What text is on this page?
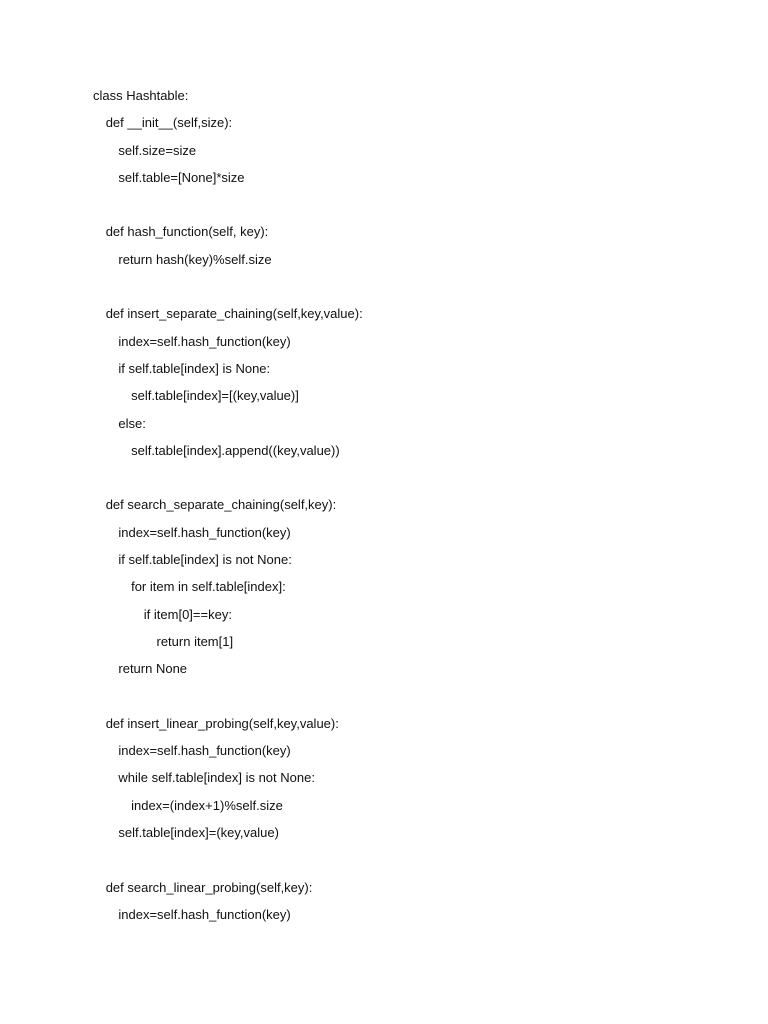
class Hashtable:
def __init__(self,size):
self.size=size
self.table=[None]*size
def hash_function(self, key):
return hash(key)%self.size
def insert_separate_chaining(self,key,value):
index=self.hash_function(key)
if self.table[index] is None:
self.table[index]=[(key,value)]
else:
self.table[index].append((key,value))
def search_separate_chaining(self,key):
index=self.hash_function(key)
if self.table[index] is not None:
for item in self.table[index]:
if item[0]==key:
return item[1]
return None
def insert_linear_probing(self,key,value):
index=self.hash_function(key)
while self.table[index] is not None:
index=(index+1)%self.size
self.table[index]=(key,value)
def search_linear_probing(self,key):
index=self.hash_function(key)
